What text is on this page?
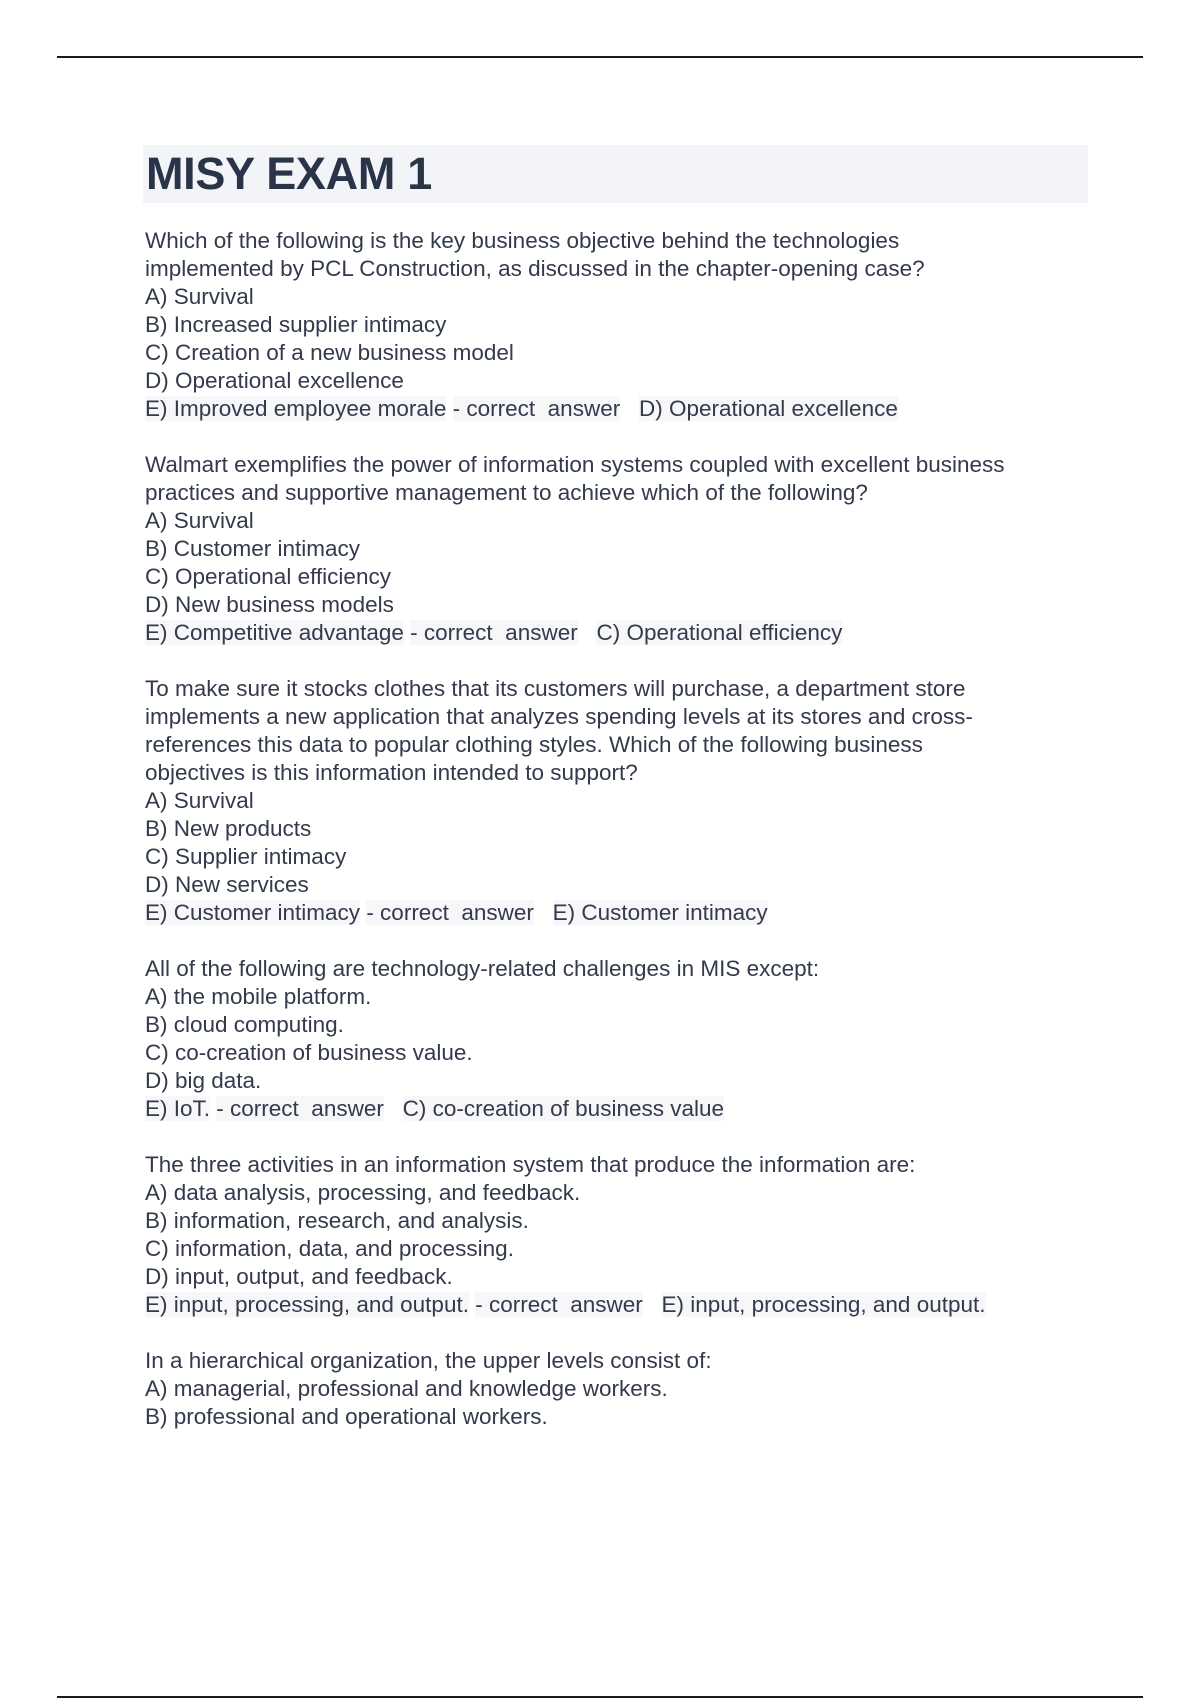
MISY EXAM 1

Which of the following is the key business objective behind the technologies
implemented by PCL Construction, as discussed in the chapter-opening case?

A) Survival

B) Increased supplier intimacy

C) Creation of a new business model

D) Operational excellence

E) Improved employee morale - correct  answer D) Operational excellence

Walmart exemplifies the power of information systems coupled with excellent business
practices and supportive management to achieve which of the following?

A) Survival

B) Customer intimacy

C) Operational efficiency

D) New business models

E) Competitive advantage - correct  answer C) Operational efficiency

To make sure it stocks clothes that its customers will purchase, a department store
implements a new application that analyzes spending levels at its stores and cross-
references this data to popular clothing styles. Which of the following business
objectives is this information intended to support?

A) Survival

B) New products

C) Supplier intimacy

D) New services

E) Customer intimacy - correct  answer E) Customer intimacy

All of the following are technology-related challenges in MIS except:

A) the mobile platform.

B) cloud computing.

C) co-creation of business value.

D) big data.

E) IoT. - correct  answer C) co-creation of business value

The three activities in an information system that produce the information are:

A) data analysis, processing, and feedback.

B) information, research, and analysis.

C) information, data, and processing.

D) input, output, and feedback.

E) input, processing, and output. - correct  answer E) input, processing, and output.

In a hierarchical organization, the upper levels consist of:

A) managerial, professional and knowledge workers.

B) professional and operational workers.
